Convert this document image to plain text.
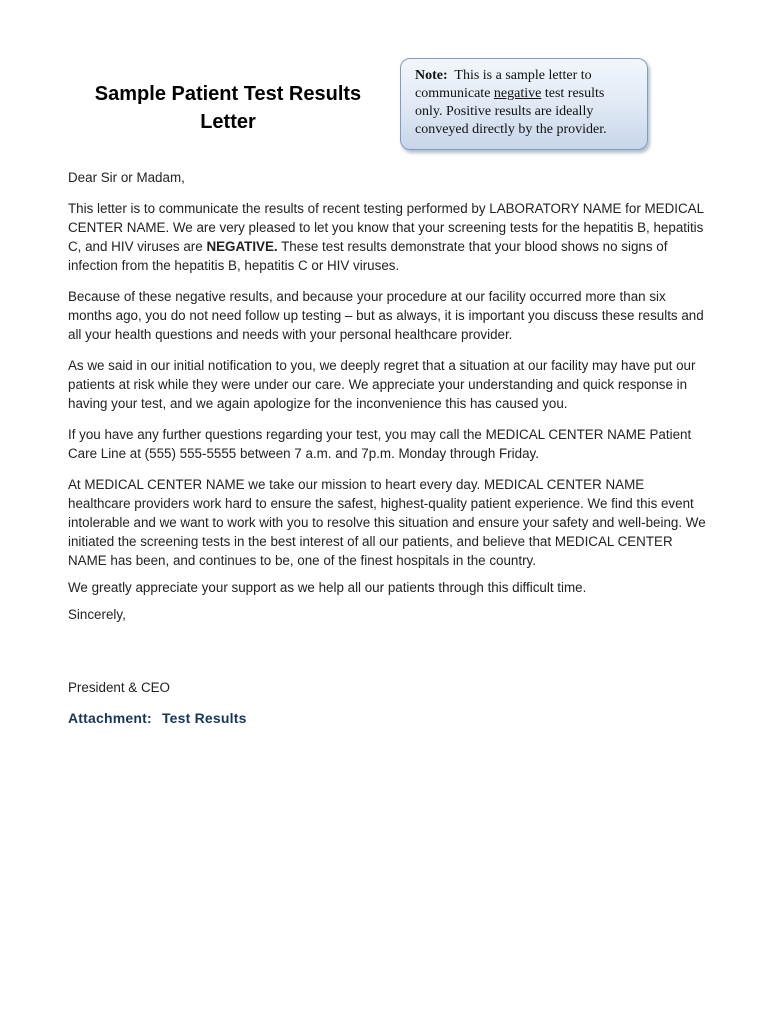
Sample Patient Test Results
Letter
Note: This is a sample letter to communicate negative test results only. Positive results are ideally conveyed directly by the provider.

Dear Sir or Madam,

This letter is to communicate the results of recent testing performed by LABORATORY NAME for MEDICAL CENTER NAME. We are very pleased to let you know that your screening tests for the hepatitis B, hepatitis C, and HIV viruses are NEGATIVE. These test results demonstrate that your blood shows no signs of infection from the hepatitis B, hepatitis C or HIV viruses.

Because of these negative results, and because your procedure at our facility occurred more than six months ago, you do not need follow up testing – but as always, it is important you discuss these results and all your health questions and needs with your personal healthcare provider.

As we said in our initial notification to you, we deeply regret that a situation at our facility may have put our patients at risk while they were under our care. We appreciate your understanding and quick response in having your test, and we again apologize for the inconvenience this has caused you.

If you have any further questions regarding your test, you may call the MEDICAL CENTER NAME Patient Care Line at (555) 555-5555 between 7 a.m. and 7p.m. Monday through Friday.

At MEDICAL CENTER NAME we take our mission to heart every day. MEDICAL CENTER NAME healthcare providers work hard to ensure the safest, highest-quality patient experience. We find this event intolerable and we want to work with you to resolve this situation and ensure your safety and well-being. We initiated the screening tests in the best interest of all our patients, and believe that MEDICAL CENTER NAME has been, and continues to be, one of the finest hospitals in the country.

We greatly appreciate your support as we help all our patients through this difficult time.

Sincerely,

President & CEO

Attachment: Test Results
